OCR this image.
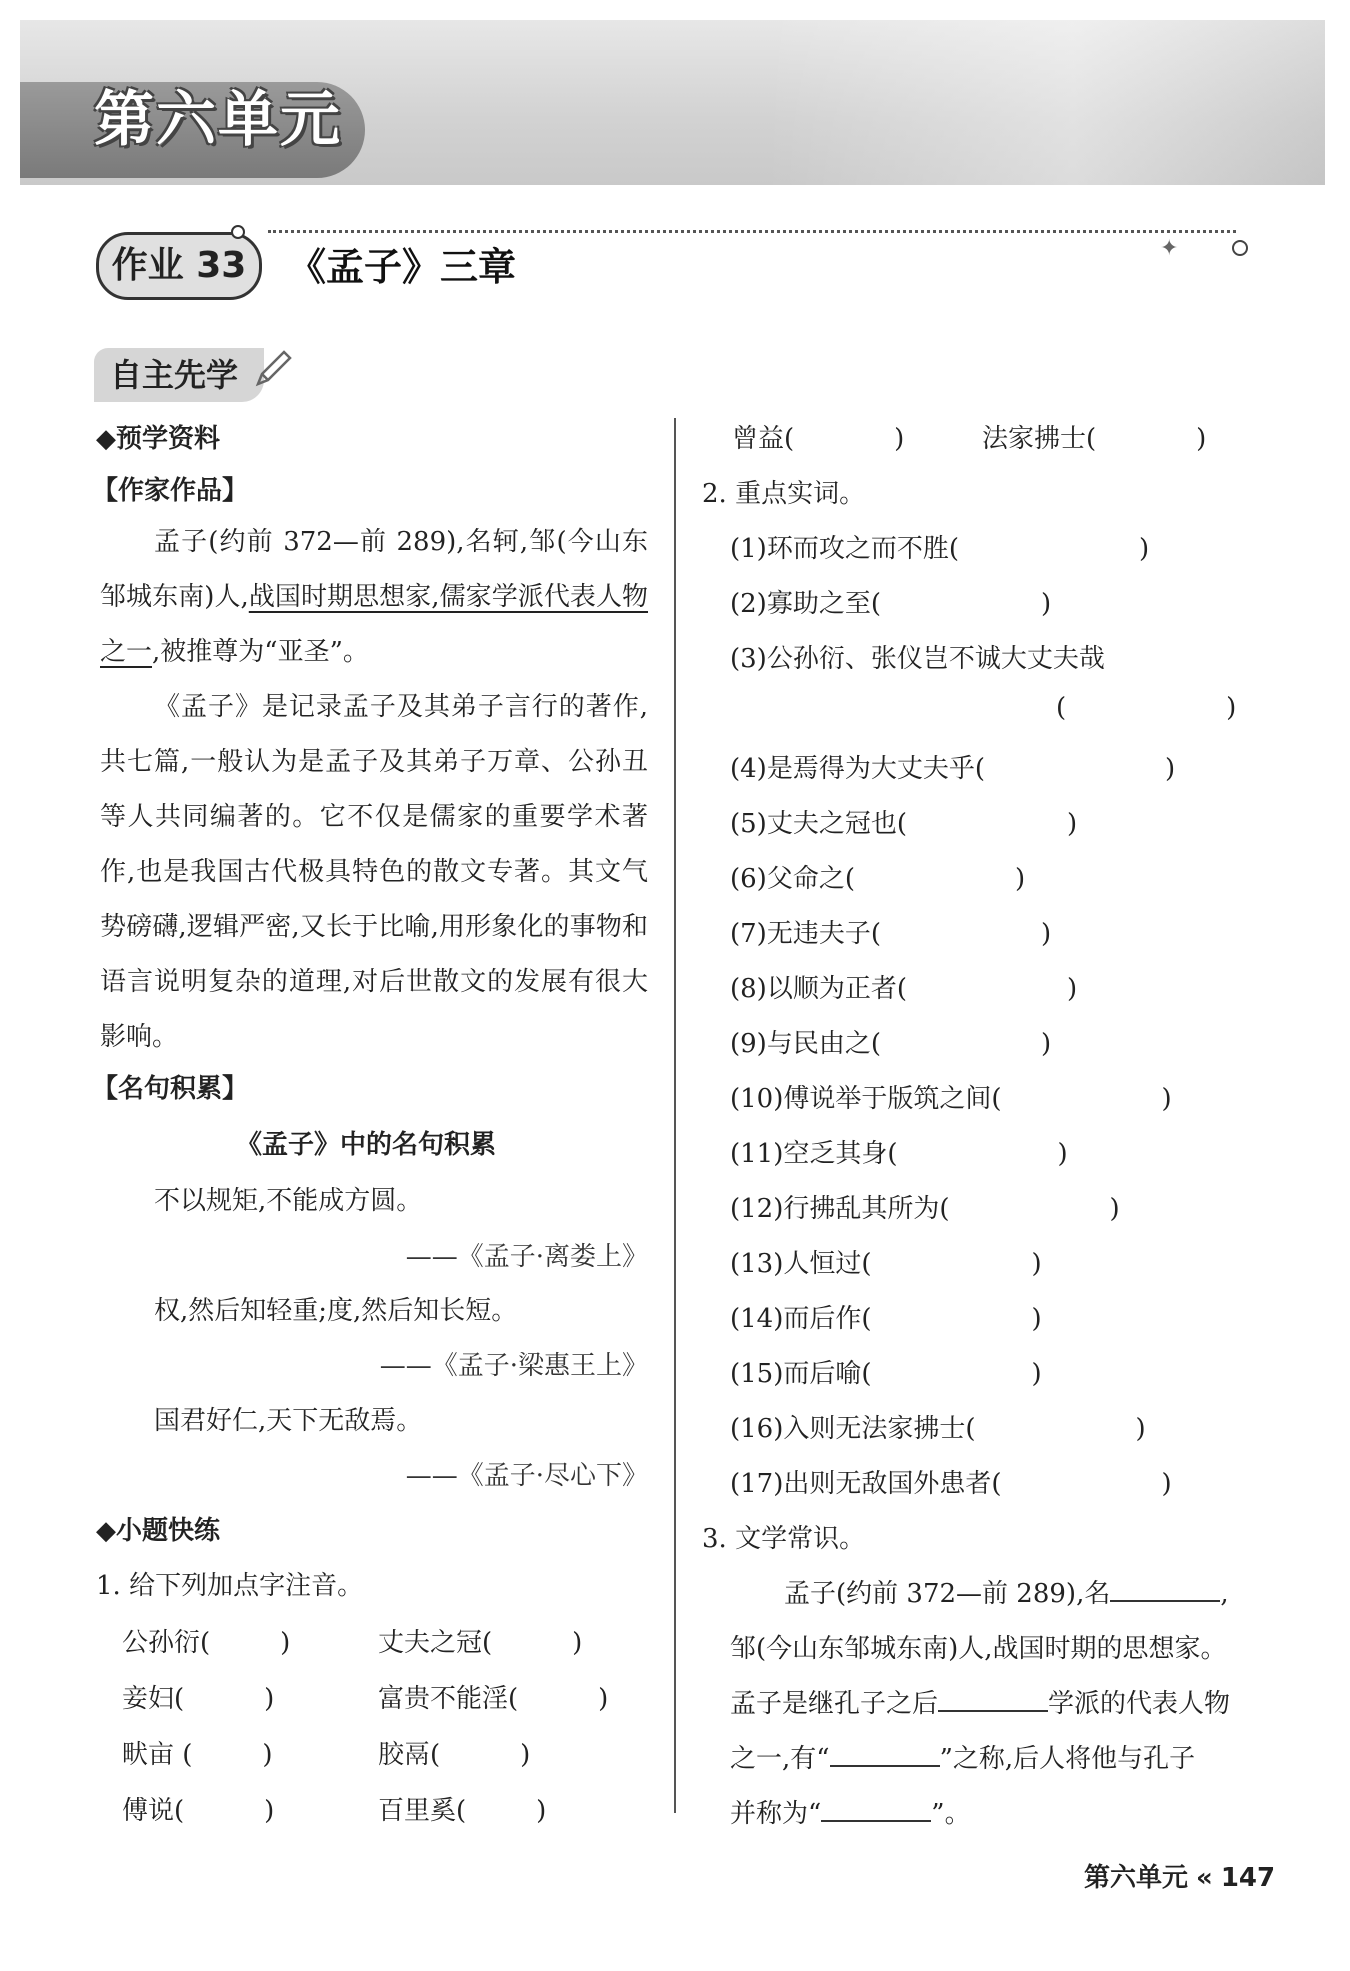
第六单元
✦
作业 33	《孟子》三章
自主先学
◆预学资料
【作家作品】
孟子(约前 372—前 289),名轲,邹(今山东邹城东南)人,战国时期思想家,儒家学派代表人物之一,被推尊为“亚圣”。
《孟子》是记录孟子及其弟子言行的著作,共七篇,一般认为是孟子及其弟子万章、公孙丑等人共同编著的。它不仅是儒家的重要学术著作,也是我国古代极具特色的散文专著。其文气势磅礴,逻辑严密,又长于比喻,用形象化的事物和语言说明复杂的道理,对后世散文的发展有很大影响。
【名句积累】
《孟子》中的名句积累
不以规矩,不能成方圆。
——《孟子·离娄上》
权,然后知轻重;度,然后知长短。
——《孟子·梁惠王上》
国君好仁,天下无敌焉。
——《孟子·尽心下》
◆小题快练
1. 给下列加点字注音。
公孙衍(	)	丈夫之冠(	)
妾妇(	)	富贵不能淫(	)
畎亩 (	)	胶鬲(	)
傅说(	)	百里奚(	)
曾益(	)	法家拂士(	)
2. 重点实词。
(1)环而攻之而不胜(	)
(2)寡助之至(	)
(3)公孙衍、张仪岂不诚大丈夫哉
(	)
(4)是焉得为大丈夫乎(	)
(5)丈夫之冠也(	)
(6)父命之(	)
(7)无违夫子(	)
(8)以顺为正者(	)
(9)与民由之(	)
(10)傅说举于版筑之间(	)
(11)空乏其身(	)
(12)行拂乱其所为(	)
(13)人恒过(	)
(14)而后作(	)
(15)而后喻(	)
(16)入则无法家拂士(	)
(17)出则无敌国外患者(	)
3. 文学常识。
孟子(约前 372—前 289),名	,
邹(今山东邹城东南)人,战国时期的思想家。
孟子是继孔子之后	学派的代表人物
之一,有“	”之称,后人将他与孔子
并称为“	”。
第六单元 « 147
